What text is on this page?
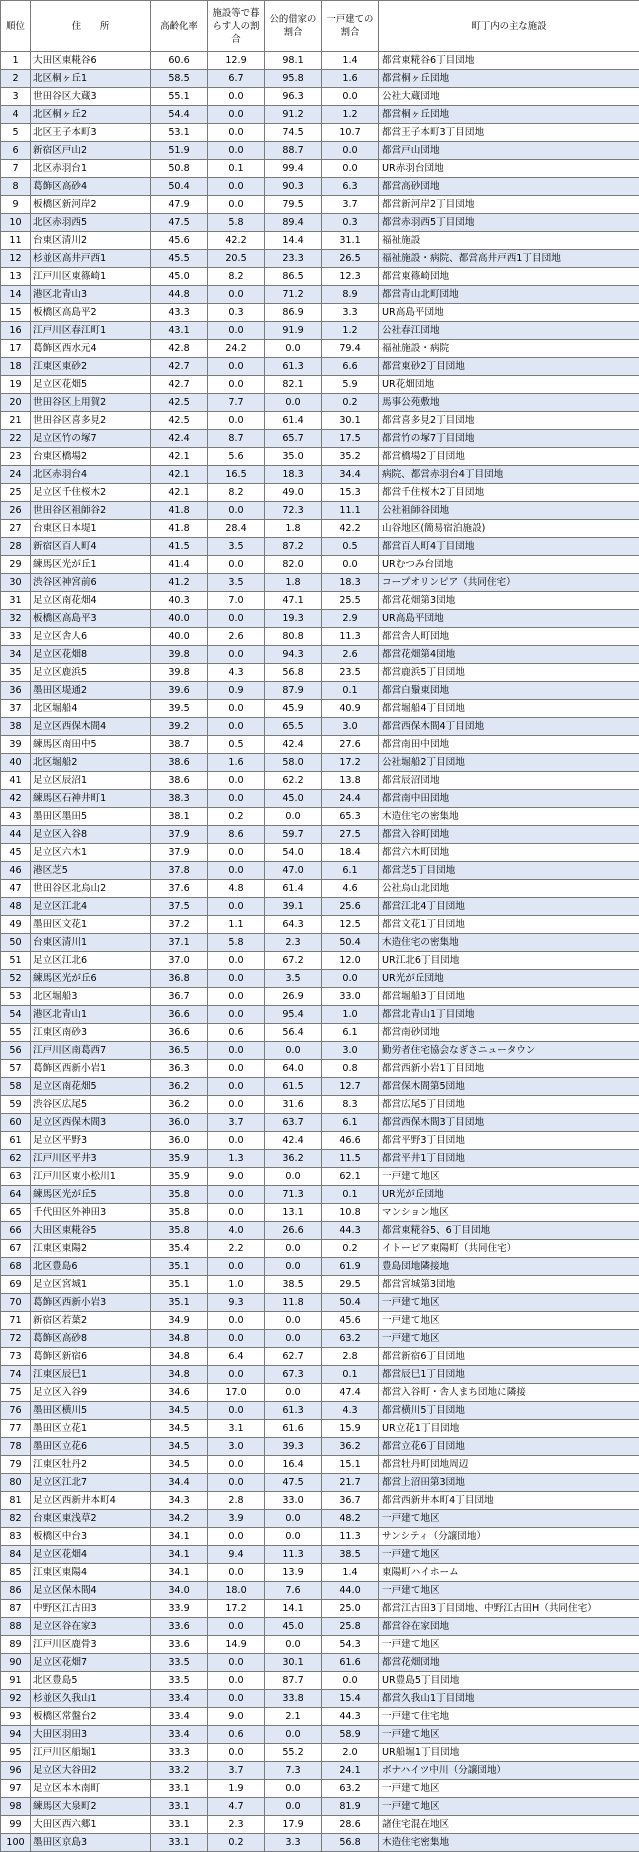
順位	住　　所	高齢化率	施設等で暮らす人の割合	公的借家の割合	一戸建ての割合	町丁内の主な施設
1	大田区東糀谷6	60.6	12.9	98.1	1.4	都営東糀谷6丁目団地
2	北区桐ヶ丘1	58.5	6.7	95.8	1.6	都営桐ヶ丘団地
3	世田谷区大蔵3	55.1	0.0	96.3	0.0	公社大蔵団地
4	北区桐ヶ丘2	54.4	0.0	91.2	1.2	都営桐ヶ丘団地
5	北区王子本町3	53.1	0.0	74.5	10.7	都営王子本町3丁目団地
6	新宿区戸山2	51.9	0.0	88.7	0.0	都営戸山団地
7	北区赤羽台1	50.8	0.1	99.4	0.0	UR赤羽台団地
8	葛飾区高砂4	50.4	0.0	90.3	6.3	都営高砂団地
9	板橋区新河岸2	47.9	0.0	79.5	3.7	都営新河岸2丁目団地
10	北区赤羽西5	47.5	5.8	89.4	0.3	都営赤羽西5丁目団地
11	台東区清川2	45.6	42.2	14.4	31.1	福祉施設
12	杉並区高井戸西1	45.5	20.5	23.3	26.5	福祉施設・病院、都営高井戸西1丁目団地
13	江戸川区東篠崎1	45.0	8.2	86.5	12.3	都営東篠崎団地
14	港区北青山3	44.8	0.0	71.2	8.9	都営青山北町団地
15	板橋区高島平2	43.3	0.3	86.9	3.3	UR高島平団地
16	江戸川区春江町1	43.1	0.0	91.9	1.2	公社春江団地
17	葛飾区西水元4	42.8	24.2	0.0	79.4	福祉施設・病院
18	江東区東砂2	42.7	0.0	61.3	6.6	都営東砂2丁目団地
19	足立区花畑5	42.7	0.0	82.1	5.9	UR花畑団地
20	世田谷区上用賀2	42.5	7.7	0.0	0.2	馬事公苑敷地
21	世田谷区喜多見2	42.5	0.0	61.4	30.1	都営喜多見2丁目団地
22	足立区竹の塚7	42.4	8.7	65.7	17.5	都営竹の塚7丁目団地
23	台東区橋場2	42.1	5.6	35.0	35.2	都営橋場2丁目団地
24	北区赤羽台4	42.1	16.5	18.3	34.4	病院、都営赤羽台4丁目団地
25	足立区千住桜木2	42.1	8.2	49.0	15.3	都営千住桜木2丁目団地
26	世田谷区祖師谷2	41.8	0.0	72.3	11.1	公社祖師谷団地
27	台東区日本堤1	41.8	28.4	1.8	42.2	山谷地区(簡易宿泊施設)
28	新宿区百人町4	41.5	3.5	87.2	0.5	都営百人町4丁目団地
29	練馬区光が丘1	41.4	0.0	82.0	0.0	URむつみ台団地
30	渋谷区神宮前6	41.2	3.5	1.8	18.3	コープオリンピア（共同住宅）
31	足立区南花畑4	40.3	7.0	47.1	25.5	都営花畑第3団地
32	板橋区高島平3	40.0	0.0	19.3	2.9	UR高島平団地
33	足立区舎人6	40.0	2.6	80.8	11.3	都営舎人町団地
34	足立区花畑8	39.8	0.0	94.3	2.6	都営花畑第4団地
35	足立区鹿浜5	39.8	4.3	56.8	23.5	都営鹿浜5丁目団地
36	墨田区堤通2	39.6	0.9	87.9	0.1	都営白鬚東団地
37	北区堀船4	39.5	0.0	45.9	40.9	都営堀船4丁目団地
38	足立区西保木間4	39.2	0.0	65.5	3.0	都営西保木間4丁目団地
39	練馬区南田中5	38.7	0.5	42.4	27.6	都営南田中団地
40	北区堀船2	38.6	1.6	58.0	17.2	公社堀船2丁目団地
41	足立区辰沼1	38.6	0.0	62.2	13.8	都営辰沼団地
42	練馬区石神井町1	38.3	0.0	45.0	24.4	都営南中田団地
43	墨田区墨田5	38.1	0.2	0.0	65.3	木造住宅の密集地
44	足立区入谷8	37.9	8.6	59.7	27.5	都営入谷町団地
45	足立区六木1	37.9	0.0	54.0	18.4	都営六木町団地
46	港区芝5	37.8	0.0	47.0	6.1	都営芝5丁目団地
47	世田谷区北烏山2	37.6	4.8	61.4	4.6	公社烏山北団地
48	足立区江北4	37.5	0.0	39.1	25.6	都営江北4丁目団地
49	墨田区文花1	37.2	1.1	64.3	12.5	都営文花1丁目団地
50	台東区清川1	37.1	5.8	2.3	50.4	木造住宅の密集地
51	足立区江北6	37.0	0.0	67.2	12.0	UR江北6丁目団地
52	練馬区光が丘6	36.8	0.0	3.5	0.0	UR光が丘団地
53	北区堀船3	36.7	0.0	26.9	33.0	都営堀船3丁目団地
54	港区北青山1	36.6	0.0	95.4	1.0	都営北青山1丁目団地
55	江東区南砂3	36.6	0.6	56.4	6.1	都営南砂団地
56	江戸川区南葛西7	36.5	0.0	0.0	3.0	勤労者住宅協会なぎさニュータウン
57	葛飾区西新小岩1	36.3	0.0	64.0	0.8	都営西新小岩1丁目団地
58	足立区南花畑5	36.2	0.0	61.5	12.7	都営保木間第5団地
59	渋谷区広尾5	36.2	0.0	31.6	8.3	都営広尾5丁目団地
60	足立区西保木間3	36.0	3.7	63.7	6.1	都営西保木間3丁目団地
61	足立区平野3	36.0	0.0	42.4	46.6	都営平野3丁目団地
62	江戸川区平井3	35.9	1.3	36.2	11.5	都営平井1丁目団地
63	江戸川区東小松川1	35.9	9.0	0.0	62.1	一戸建て地区
64	練馬区光が丘5	35.8	0.0	71.3	0.1	UR光が丘団地
65	千代田区外神田3	35.8	0.0	13.1	10.8	マンション地区
66	大田区東糀谷5	35.8	4.0	26.6	44.3	都営東糀谷5、6丁目団地
67	江東区東陽2	35.4	2.2	0.0	0.2	イトーピア東陽町（共同住宅）
68	北区豊島6	35.1	0.0	0.0	61.9	豊島団地隣接地
69	足立区宮城1	35.1	1.0	38.5	29.5	都営宮城第3団地
70	葛飾区西新小岩3	35.1	9.3	11.8	50.4	一戸建て地区
71	新宿区若葉2	34.9	0.0	0.0	45.6	一戸建て地区
72	葛飾区高砂8	34.8	0.0	0.0	63.2	一戸建て地区
73	葛飾区新宿6	34.8	6.4	62.7	2.8	都営新宿6丁目団地
74	江東区辰巳1	34.8	0.0	67.3	0.1	都営辰巳1丁目団地
75	足立区入谷9	34.6	17.0	0.0	47.4	都営入谷町・舎人まち団地に隣接
76	墨田区横川5	34.5	0.0	61.3	4.3	都営横川5丁目団地
77	墨田区立花1	34.5	3.1	61.6	15.9	UR立花1丁目団地
78	墨田区立花6	34.5	3.0	39.3	36.2	都営立花6丁目団地
79	江東区牡丹2	34.5	0.0	16.4	15.1	都営牡丹町団地周辺
80	足立区江北7	34.4	0.0	47.5	21.7	都営上沼田第3団地
81	足立区西新井本町4	34.3	2.8	33.0	36.7	都営西新井本町4丁目団地
82	台東区東浅草2	34.2	3.9	0.0	48.2	一戸建て地区
83	板橋区中台3	34.1	0.0	0.0	11.3	サンシティ（分譲団地）
84	足立区花畑4	34.1	9.4	11.3	38.5	一戸建て地区
85	江東区東陽4	34.1	0.0	13.9	1.4	東陽町ハイホーム
86	足立区保木間4	34.0	18.0	7.6	44.0	一戸建て地区
87	中野区江古田3	33.9	17.2	14.1	25.0	都営江古田3丁目団地、中野江古田H（共同住宅）
88	足立区谷在家3	33.6	0.0	45.0	25.8	都営谷在家団地
89	江戸川区鹿骨3	33.6	14.9	0.0	54.3	一戸建て地区
90	足立区花畑7	33.5	0.0	30.1	61.6	都営花畑団地
91	北区豊島5	33.5	0.0	87.7	0.0	UR豊島5丁目団地
92	杉並区久我山1	33.4	0.0	33.8	15.4	都営久我山1丁目団地
93	板橋区常盤台2	33.4	9.0	2.1	44.3	一戸建て住宅地
94	大田区羽田3	33.4	0.6	0.0	58.9	一戸建て地区
95	江戸川区船堀1	33.3	0.0	55.2	2.0	UR船堀1丁目団地
96	足立区大谷田2	33.2	3.7	7.3	24.1	ボナハイツ中川（分譲団地）
97	足立区本木南町	33.1	1.9	0.0	63.2	一戸建て地区
98	練馬区大泉町2	33.1	4.7	0.0	81.9	一戸建て地区
99	大田区西六郷1	33.1	2.3	17.9	28.6	諸住宅混在地区
100	墨田区京島3	33.1	0.2	3.3	56.8	木造住宅密集地
